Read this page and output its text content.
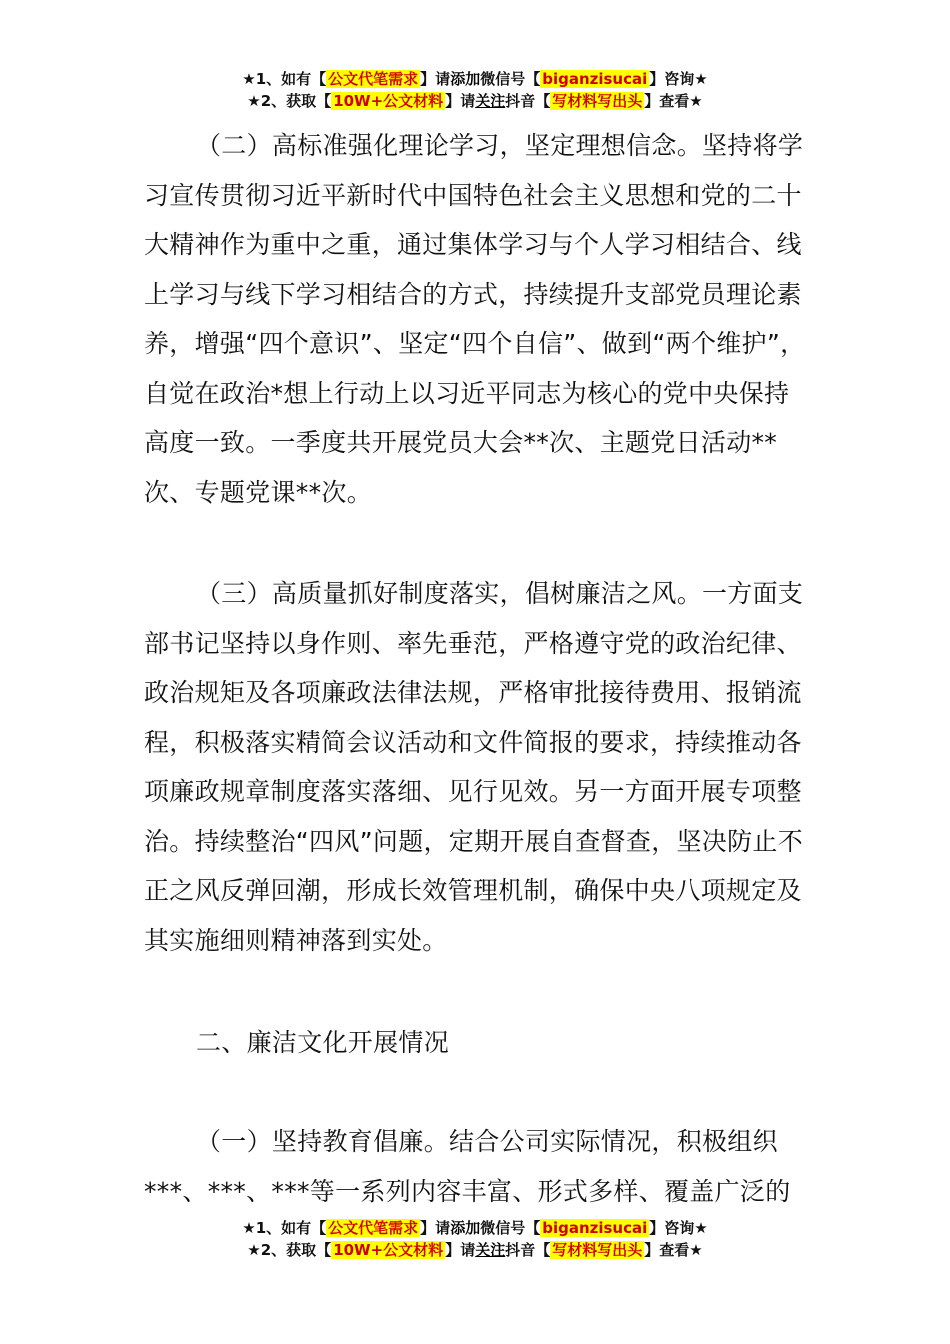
★1、如有【 公文代笔需求 】请添加微信号【 biganzisucai 】咨询★
★2、获取【 10W+公文材料 】请关注抖音【 写材料写出头 】查看★

（二）高标准强化理论学习，坚定理想信念。坚持将学习宣传贯彻习近平新时代中国特色社会主义思想和党的二十大精神作为重中之重，通过集体学习与个人学习相结合、线上学习与线下学习相结合的方式，持续提升支部党员理论素养，增强“四个意识”、坚定“四个自信”、做到“两个维护”，自觉在政治*想上行动上以习近平同志为核心的党中央保持高度一致。一季度共开展党员大会**次、主题党日活动**次、专题党课**次。

（三）高质量抓好制度落实，倡树廉洁之风。一方面支部书记坚持以身作则、率先垂范，严格遵守党的政治纪律、政治规矩及各项廉政法律法规，严格审批接待费用、报销流程，积极落实精简会议活动和文件简报的要求，持续推动各项廉政规章制度落实落细、见行见效。另一方面开展专项整治。持续整治“四风”问题，定期开展自查督查，坚决防止不正之风反弹回潮，形成长效管理机制，确保中央八项规定及其实施细则精神落到实处。

二、廉洁文化开展情况

（一）坚持教育倡廉。结合公司实际情况，积极组织***、***、***等一系列内容丰富、形式多样、覆盖广泛的

★1、如有【 公文代笔需求 】请添加微信号【 biganzisucai 】咨询★
★2、获取【 10W+公文材料 】请关注抖音【 写材料写出头 】查看★
